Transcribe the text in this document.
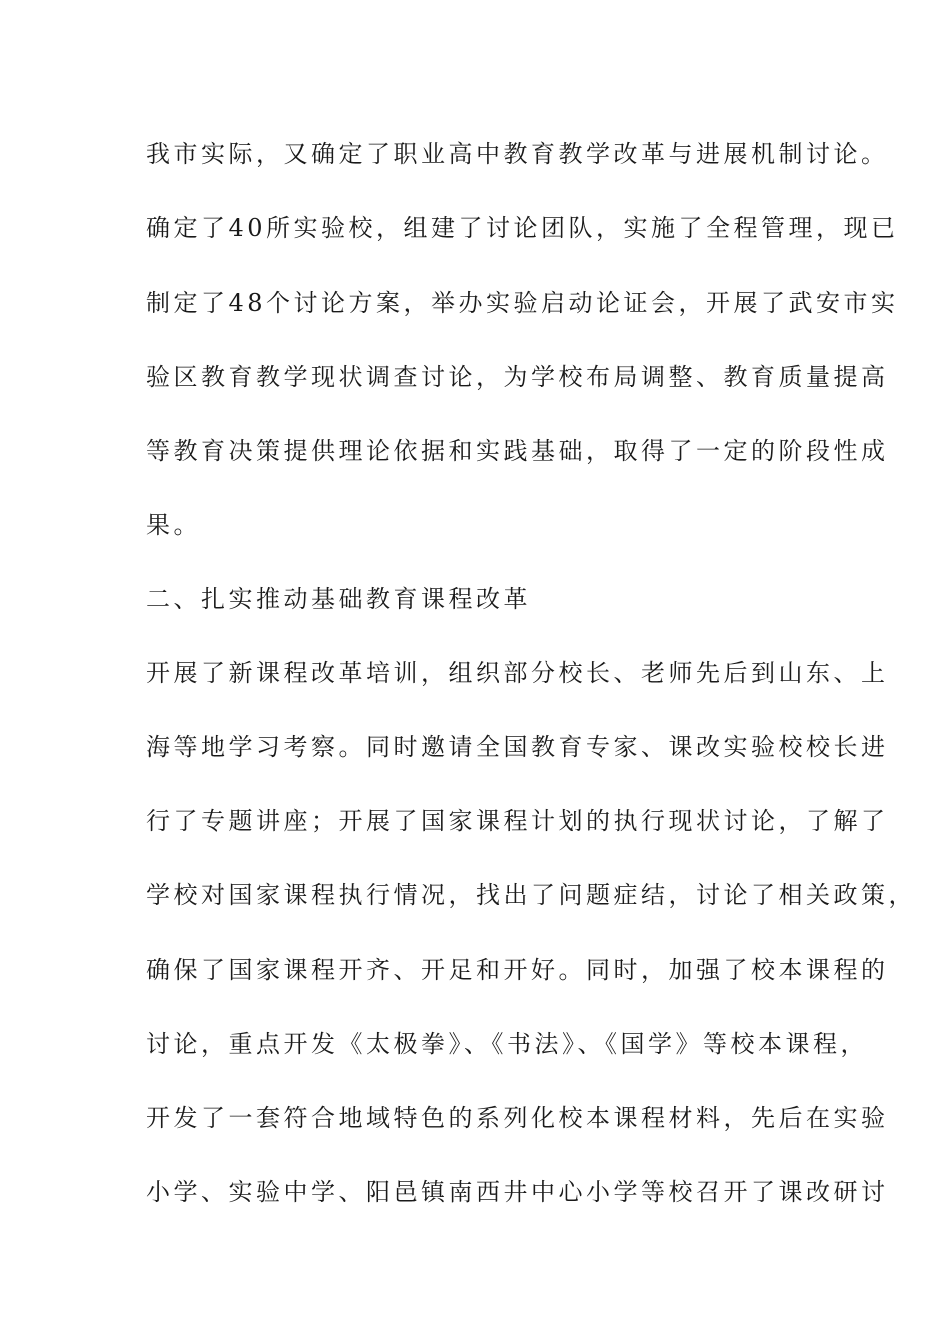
我市实际，又确定了职业高中教育教学改革与进展机制讨论。
确定了40所实验校，组建了讨论团队，实施了全程管理，现已
制定了48个讨论方案，举办实验启动论证会，开展了武安市实
验区教育教学现状调查讨论，为学校布局调整、教育质量提高
等教育决策提供理论依据和实践基础，取得了一定的阶段性成
果。
二、扎实推动基础教育课程改革
开展了新课程改革培训，组织部分校长、老师先后到山东、上
海等地学习考察。同时邀请全国教育专家、课改实验校校长进
行了专题讲座；开展了国家课程计划的执行现状讨论，了解了
学校对国家课程执行情况，找出了问题症结，讨论了相关政策，
确保了国家课程开齐、开足和开好。同时，加强了校本课程的
讨论，重点开发《太极拳》、《书法》、《国学》等校本课程，
开发了一套符合地域特色的系列化校本课程材料，先后在实验
小学、实验中学、阳邑镇南西井中心小学等校召开了课改研讨
